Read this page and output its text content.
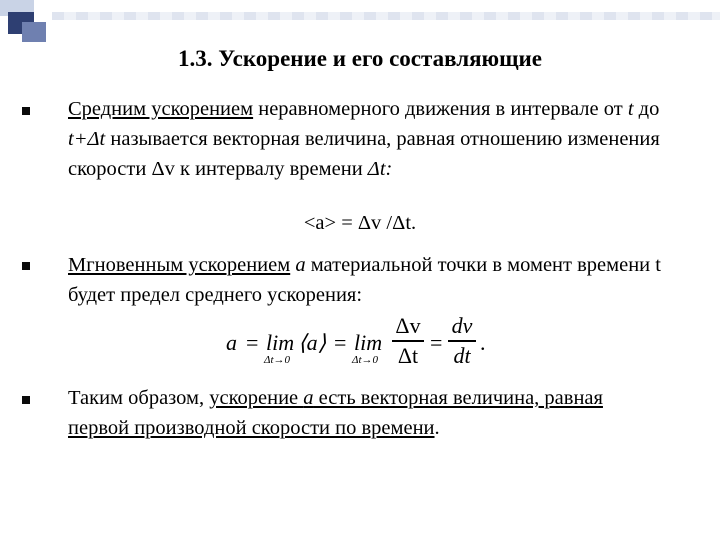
1.3. Ускорение и его составляющие
Средним ускорением неравномерного движения в интервале от t до t+Δt называется векторная величина, равная отношению изменения скорости Δv к интервалу времени Δt:
<a> = Δv /Δt.
Мгновенным ускорением a материальной точки в момент времени t будет предел среднего ускорения:
a = lim
Δt→0
⟨a⟩ = lim
Δt→0
Δv
Δt =
dv
dt .
Таким образом, ускорение a есть векторная величина, равная первой производной скорости по времени.
